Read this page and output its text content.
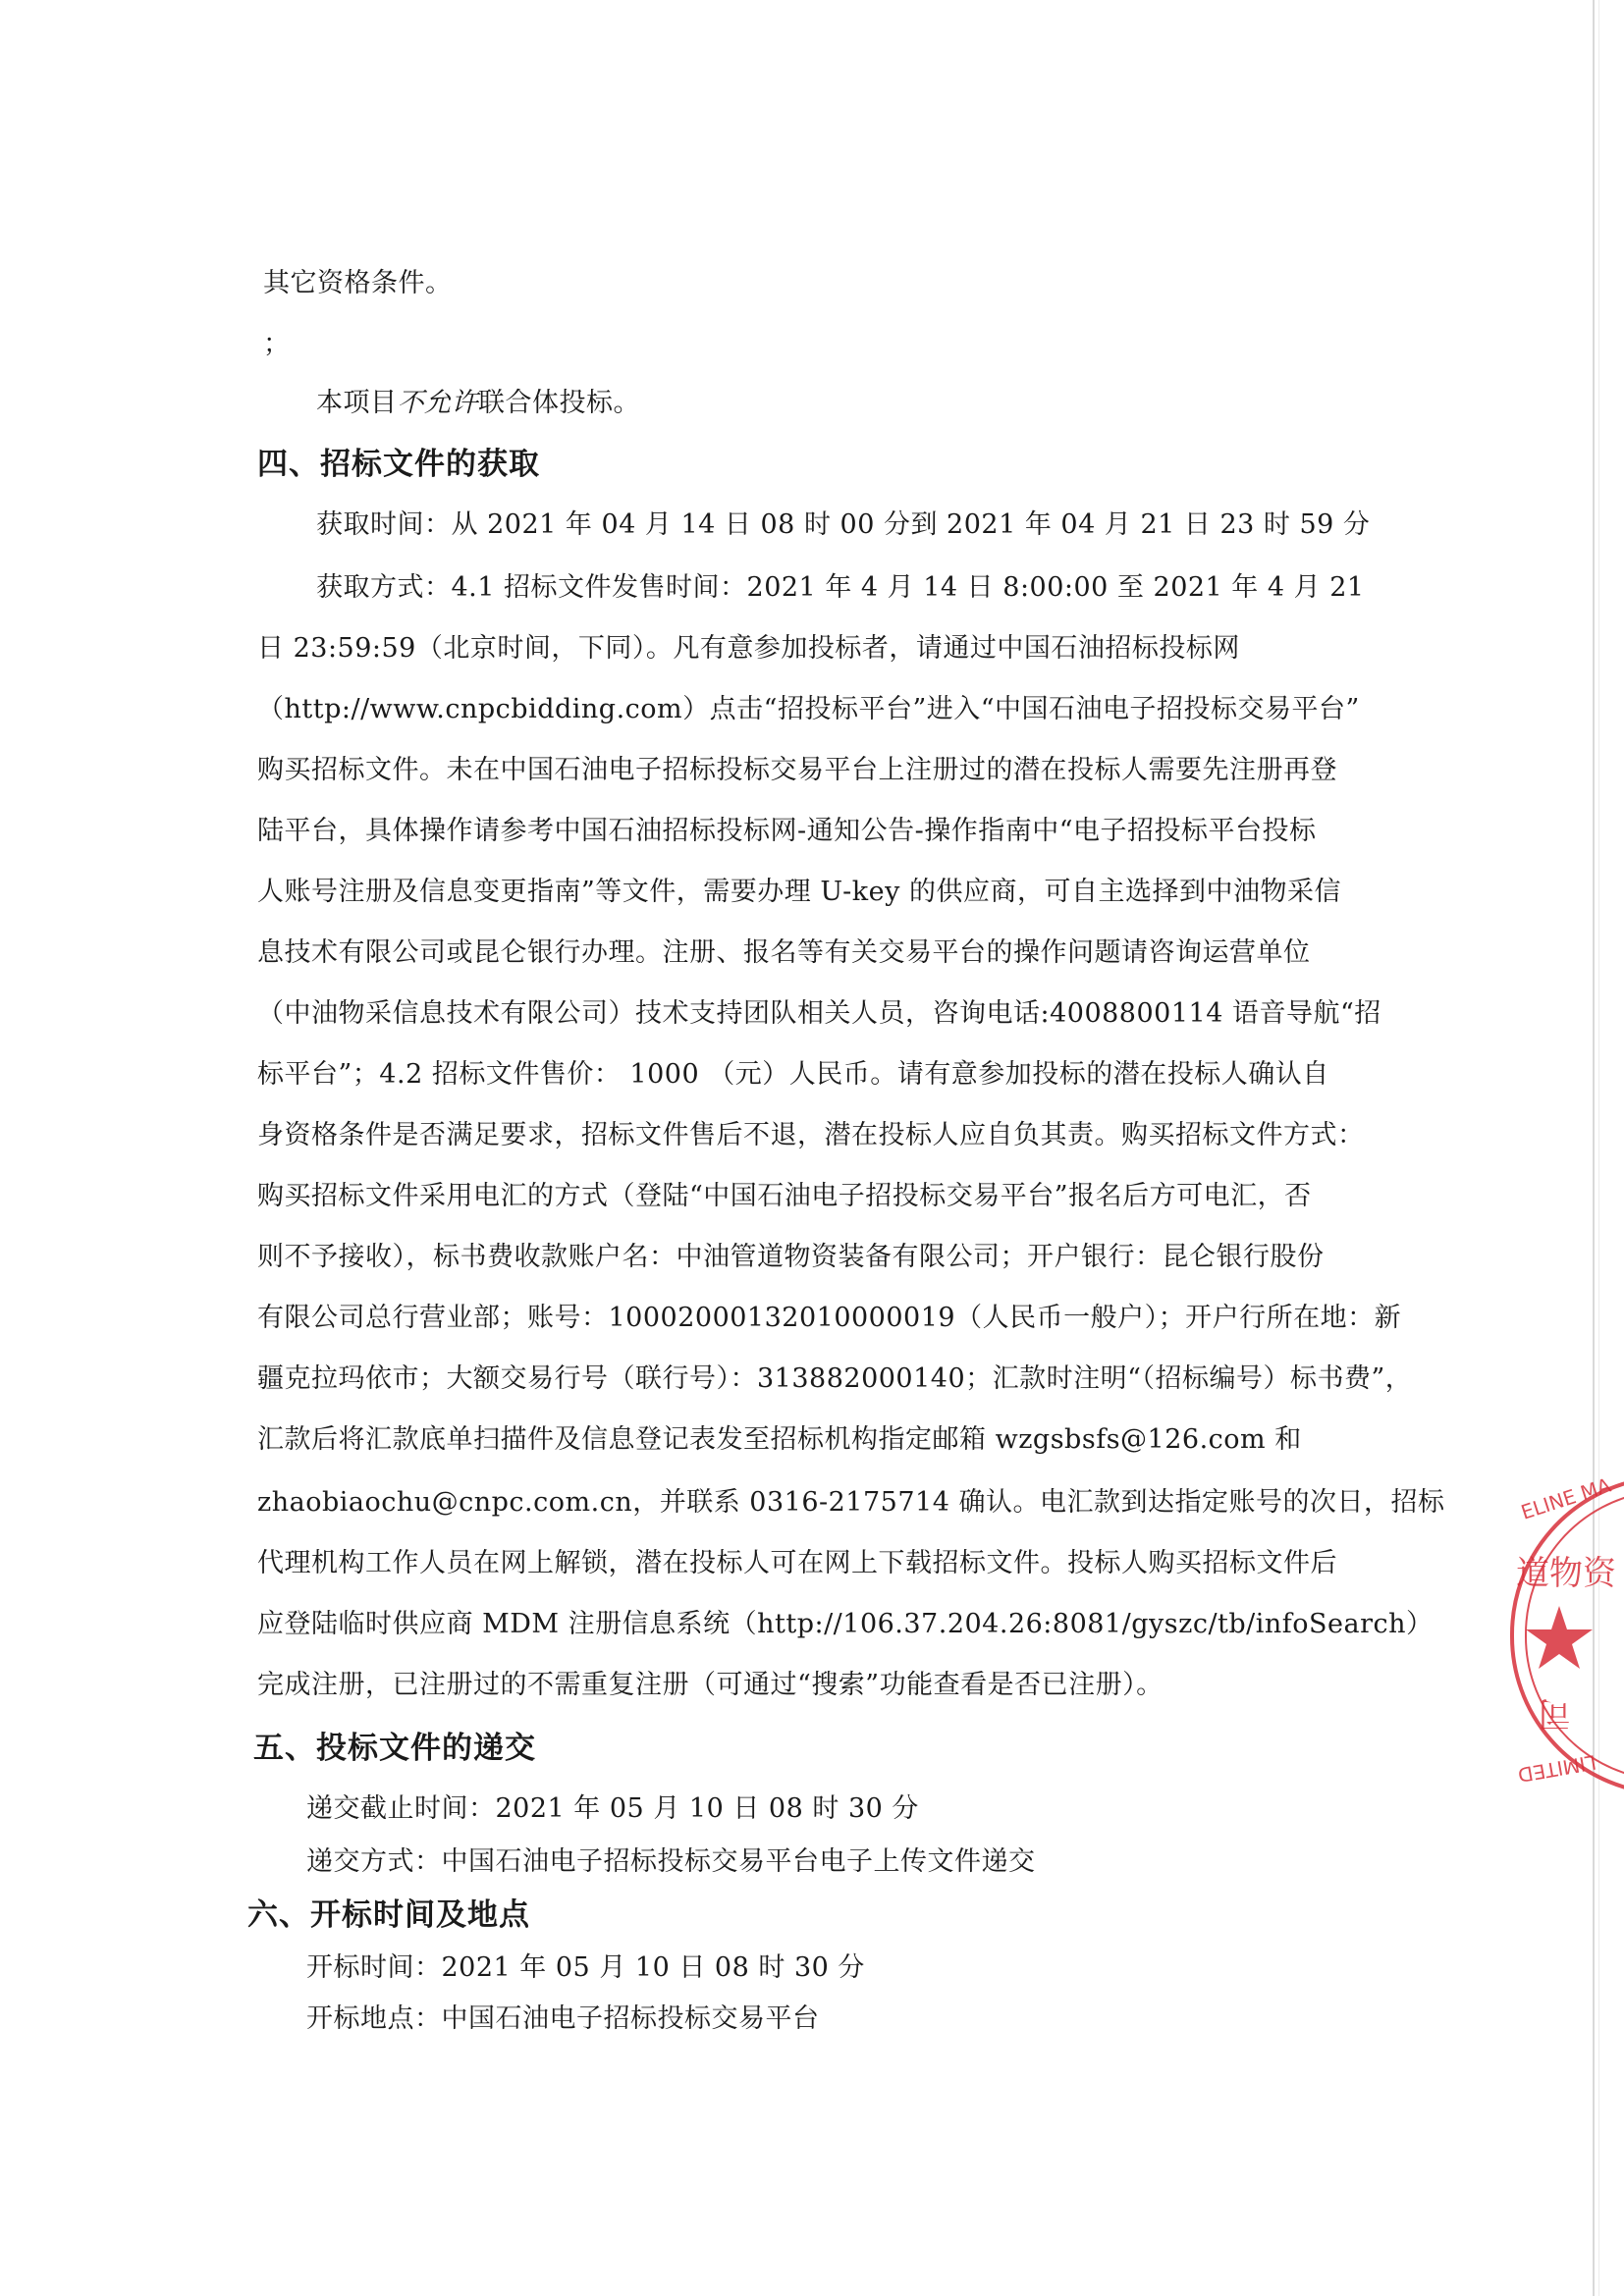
其它资格条件。
；
本项目不允许联合体投标。
四、招标文件的获取
获取时间：从 2021 年 04 月 14 日 08 时 00 分到 2021 年 04 月 21 日 23 时 59 分
获取方式：4.1 招标文件发售时间：2021 年 4 月 14 日 8:00:00 至 2021 年 4 月 21
日 23:59:59（北京时间，下同）。凡有意参加投标者，请通过中国石油招标投标网
（http://www.cnpcbidding.com）点击“招投标平台”进入“中国石油电子招投标交易平台”
购买招标文件。未在中国石油电子招标投标交易平台上注册过的潜在投标人需要先注册再登
陆平台，具体操作请参考中国石油招标投标网-通知公告-操作指南中“电子招投标平台投标
人账号注册及信息变更指南”等文件，需要办理 U-key 的供应商，可自主选择到中油物采信
息技术有限公司或昆仑银行办理。注册、报名等有关交易平台的操作问题请咨询运营单位
（中油物采信息技术有限公司）技术支持团队相关人员，咨询电话:4008800114 语音导航“招
标平台”；4.2 招标文件售价： 1000 （元）人民币。请有意参加投标的潜在投标人确认自
身资格条件是否满足要求，招标文件售后不退，潜在投标人应自负其责。购买招标文件方式：
购买招标文件采用电汇的方式（登陆“中国石油电子招投标交易平台”报名后方可电汇，否
则不予接收），标书费收款账户名：中油管道物资装备有限公司；开户银行：昆仑银行股份
有限公司总行营业部；账号：10002000132010000019（人民币一般户）；开户行所在地：新
疆克拉玛依市；大额交易行号（联行号）：313882000140；汇款时注明“（招标编号）标书费”，
汇款后将汇款底单扫描件及信息登记表发至招标机构指定邮箱 wzgsbsfs@126.com 和
zhaobiaochu@cnpc.com.cn，并联系 0316-2175714 确认。电汇款到达指定账号的次日，招标
代理机构工作人员在网上解锁，潜在投标人可在网上下载招标文件。投标人购买招标文件后
应登陆临时供应商 MDM 注册信息系统（http://106.37.204.26:8081/gyszc/tb/infoSearch）
完成注册，已注册过的不需重复注册（可通过“搜索”功能查看是否已注册）。
五、投标文件的递交
递交截止时间：2021 年 05 月 10 日 08 时 30 分
递交方式：中国石油电子招标投标交易平台电子上传文件递交
六、开标时间及地点
开标时间：2021 年 05 月 10 日 08 时 30 分
开标地点：中国石油电子招标投标交易平台
ELINE MA
道物资
司
LIMITED
